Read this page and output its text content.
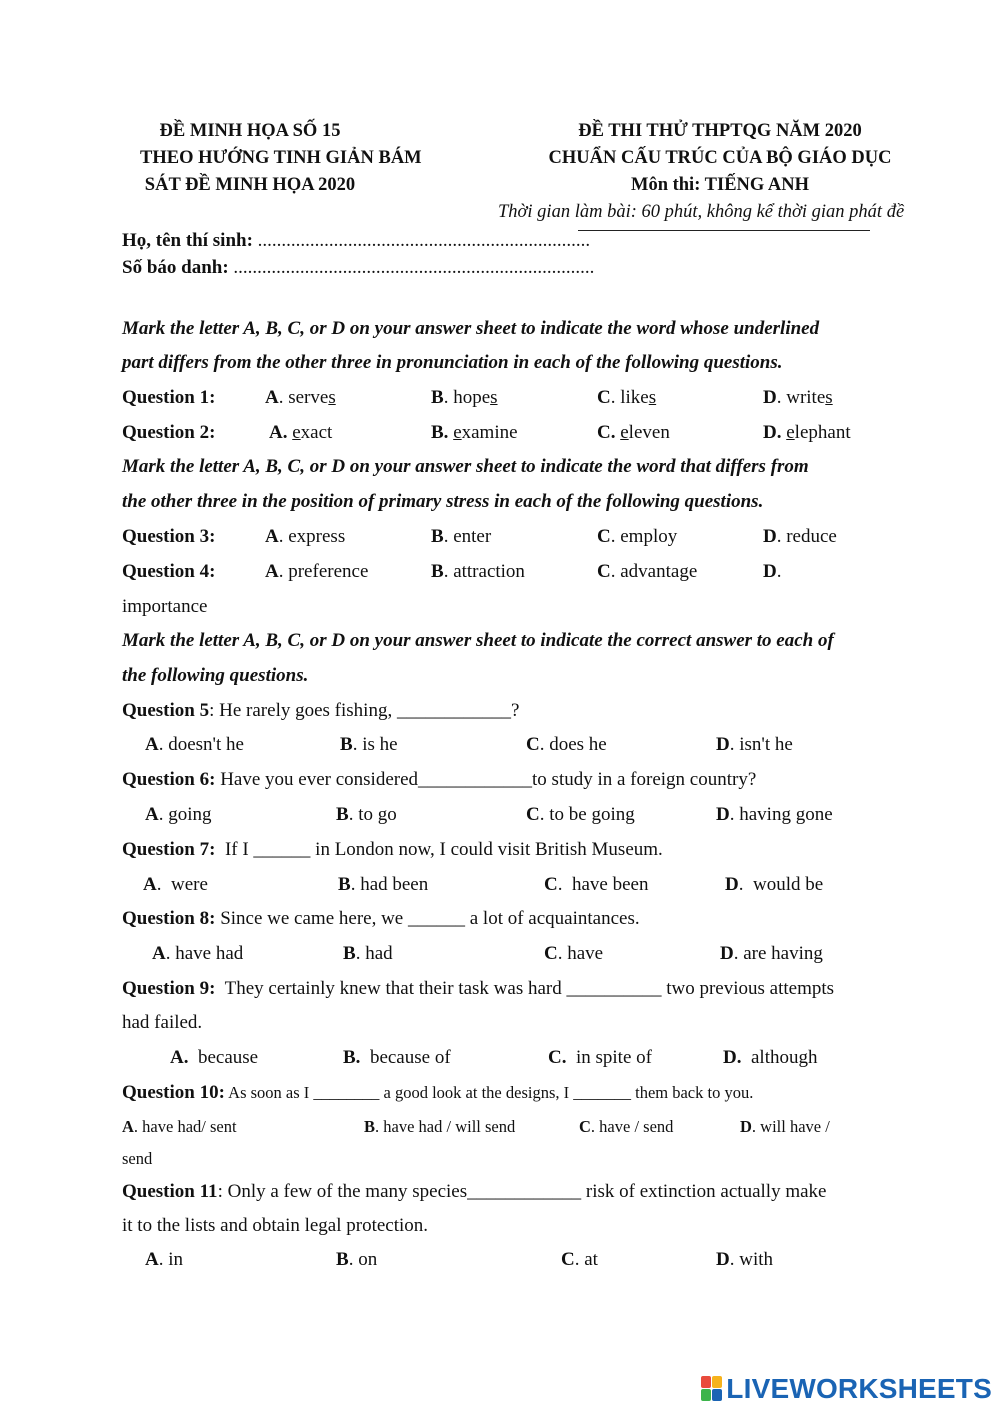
ĐỀ MINH HỌA SỐ 15
THEO HƯỚNG TINH GIẢN BÁM
SÁT ĐỀ MINH HỌA 2020
ĐỀ THI THỬ THPTQG NĂM 2020
CHUẨN CẤU TRÚC CỦA BỘ GIÁO DỤC
Môn thi: TIẾNG ANH
Thời gian làm bài: 60 phút, không kể thời gian phát đề
Họ, tên thí sinh: ......................................................................
Số báo danh: ............................................................................
Mark the letter A, B, C, or D on your answer sheet to indicate the word whose underlined
part differs from the other three in pronunciation in each of the following questions.
Question 1:	A. serves	B. hopes	C. likes	D. writes
Question 2:	A. exact	B. examine	C. eleven	D. elephant
Mark the letter A, B, C, or D on your answer sheet to indicate the word that differs from
the other three in the position of primary stress in each of the following questions.
Question 3:	A. express	B. enter	C. employ	D. reduce
Question 4:	A. preference	B. attraction	C. advantage	D.
importance
Mark the letter A, B, C, or D on your answer sheet to indicate the correct answer to each of
the following questions.
Question 5: He rarely goes fishing, ____________?
A. doesn't he	B. is he	C. does he	D. isn't he
Question 6: Have you ever considered____________to study in a foreign country?
A. going	B. to go	C. to be going	D. having gone
Question 7:  If I ______ in London now, I could visit British Museum.
A.  were	B. had been	C.  have been	D.  would be
Question 8: Since we came here, we ______ a lot of acquaintances.
A. have had	B. had	C. have	D. are having
Question 9:  They certainly knew that their task was hard __________ two previous attempts
had failed.
A.  because	B.  because of	C.  in spite of	D.  although
Question 10: As soon as I ________ a good look at the designs, I _______ them back to you.
A. have had/ sent	B. have had / will send	C. have / send	D. will have /
send
Question 11: Only a few of the many species____________ risk of extinction actually make
it to the lists and obtain legal protection.
A. in	B. on	C. at	D. with
LIVEWORKSHEETS
